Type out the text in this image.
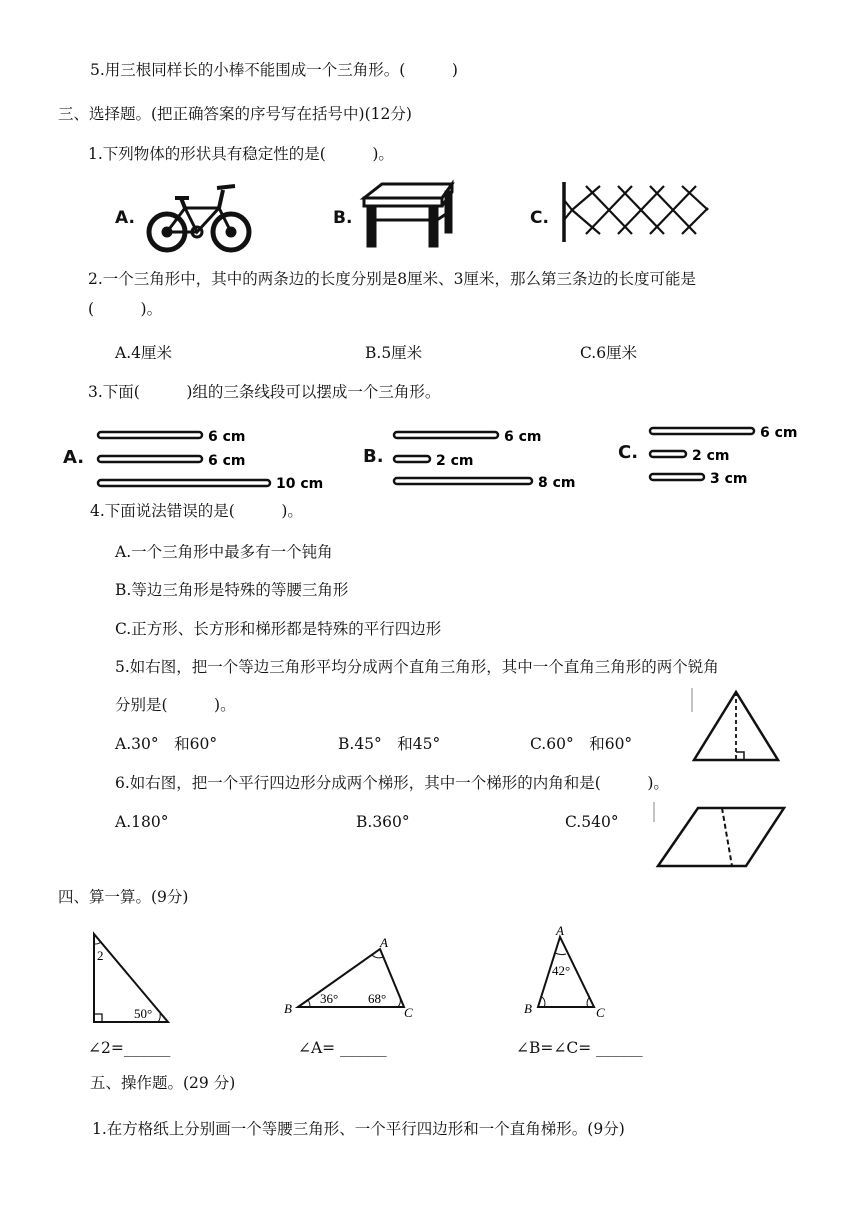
5.用三根同样长的小棒不能围成一个三角形。(　　　)
三、选择题。(把正确答案的序号写在括号中)(12分)
1.下列物体的形状具有稳定性的是(　　　)。
A.	B.	C.
2.一个三角形中，其中的两条边的长度分别是8厘米、3厘米，那么第三条边的长度可能是
(　　　)。
A.4厘米	B.5厘米	C.6厘米
3.下面(　　　)组的三条线段可以摆成一个三角形。
A.
6 cm
6 cm
10 cm
B.
6 cm
2 cm
8 cm
C.
6 cm
2 cm
3 cm
4.下面说法错误的是(　　　)。
A.一个三角形中最多有一个钝角
B.等边三角形是特殊的等腰三角形
C.正方形、长方形和梯形都是特殊的平行四边形
5.如右图，把一个等边三角形平均分成两个直角三角形，其中一个直角三角形的两个锐角
分别是(　　　)。
A.30°　和60°	B.45°　和45°	C.60°　和60°
6.如右图，把一个平行四边形分成两个梯形，其中一个梯形的内角和是(　　　)。
A.180°	B.360°	C.540°
四、算一算。(9分)
2
50°
∠2=______
A
B	C
36° 68°
∠A= ______
A
B	C
42°
∠B=∠C= ______
五、操作题。(29 分)
1.在方格纸上分别画一个等腰三角形、一个平行四边形和一个直角梯形。(9分)
